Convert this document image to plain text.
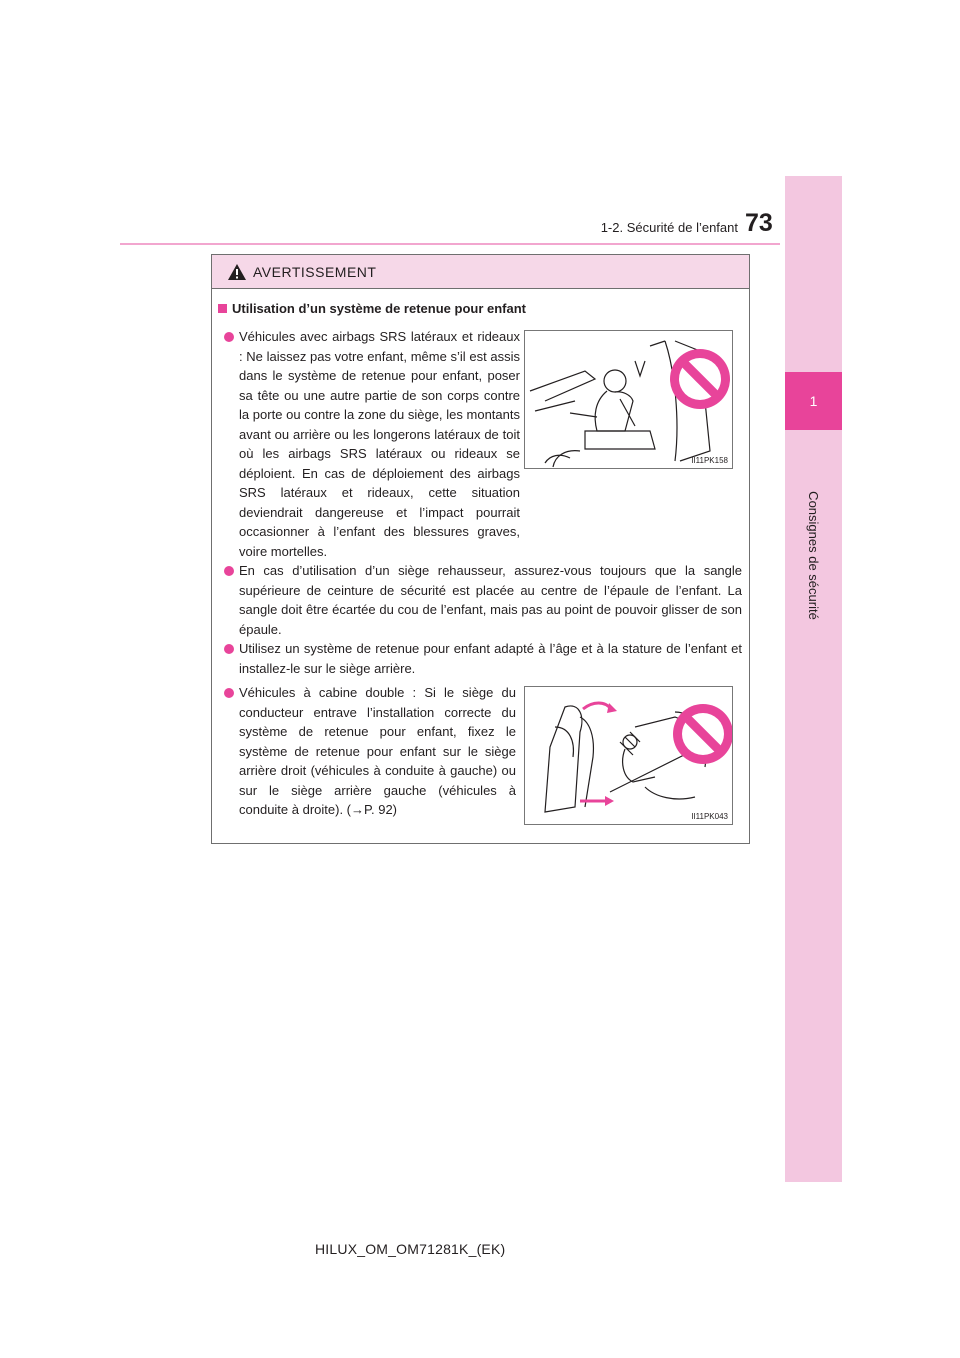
1
Consignes de sécurité
1-2. Sécurité de l’enfant 73
AVERTISSEMENT
Utilisation d’un système de retenue pour enfant
Véhicules avec airbags SRS latéraux et rideaux : Ne laissez pas votre enfant, même s’il est assis dans le système de retenue pour enfant, poser sa tête ou une autre partie de son corps contre la porte ou contre la zone du siège, les montants avant ou arrière ou les longerons latéraux de toit où les airbags SRS latéraux ou rideaux se déploient. En cas de déploiement des airbags SRS latéraux et rideaux, cette situation deviendrait dangereuse et l’impact pourrait occasionner à l’enfant des blessures graves, voire mortelles.
II11PK158
En cas d’utilisation d’un siège rehausseur, assurez-vous toujours que la sangle supérieure de ceinture de sécurité est placée au centre de l’épaule de l’enfant. La sangle doit être écartée du cou de l’enfant, mais pas au point de pouvoir glisser de son épaule.
Utilisez un système de retenue pour enfant adapté à l’âge et à la stature de l’enfant et installez-le sur le siège arrière.
Véhicules à cabine double : Si le siège du conducteur entrave l’installation correcte du système de retenue pour enfant, fixez le système de retenue pour enfant sur le siège arrière droit (véhicules à conduite à gauche) ou sur le siège arrière gauche (véhicules à conduite à droite). (→P. 92)	II11PK043
HILUX_OM_OM71281K_(EK)
